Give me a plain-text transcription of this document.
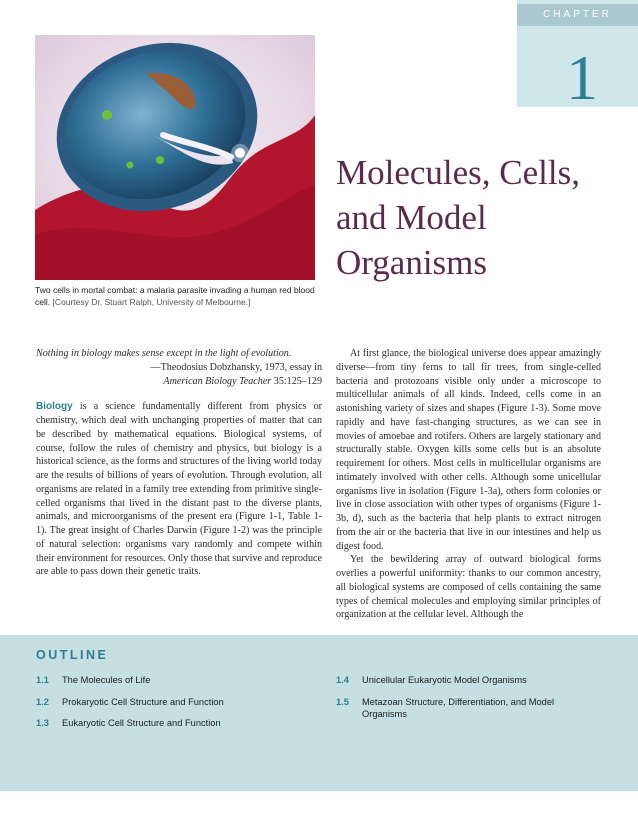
CHAPTER
1
Two cells in mortal combat: a malaria parasite invading a human red blood cell. [Courtesy Dr. Stuart Ralph, University of Melbourne.]
Molecules, Cells,
and Model
Organisms

Nothing in biology makes sense except in the light of evolution.

—Theodosius Dobzhansky, 1973, essay in

American Biology Teacher 35:125–129

Biology is a science fundamentally different from physics or chemistry, which deal with unchanging properties of matter that can be described by mathematical equations. Biological systems, of course, follow the rules of chemistry and physics, but biology is a historical science, as the forms and structures of the living world today are the results of billions of years of evolution. Through evolution, all organisms are related in a family tree extending from primitive single-celled organisms that lived in the distant past to the diverse plants, animals, and microorganisms of the present era (Figure 1-1, Table 1-1). The great insight of Charles Darwin (Figure 1-2) was the principle of natural selection: organisms vary randomly and compete within their environment for resources. Only those that survive and reproduce are able to pass down their genetic traits.

At first glance, the biological universe does appear amazingly diverse—from tiny ferns to tall fir trees, from single-celled bacteria and protozoans visible only under a microscope to multicellular animals of all kinds. Indeed, cells come in an astonishing variety of sizes and shapes (Figure 1-3). Some move rapidly and have fast-changing structures, as we can see in movies of amoebae and rotifers. Others are largely stationary and structurally stable. Oxygen kills some cells but is an absolute requirement for others. Most cells in multicellular organisms are intimately involved with other cells. Although some unicellular organisms live in isolation (Figure 1-3a), others form colonies or live in close association with other types of organisms (Figure 1-3b, d), such as the bacteria that help plants to extract nitrogen from the air or the bacteria that live in our intestines and help us digest food.

Yet the bewildering array of outward biological forms overlies a powerful uniformity: thanks to our common ancestry, all biological systems are composed of cells containing the same types of chemical molecules and employing similar principles of organization at the cellular level. Although the

OUTLINE
1.1	The Molecules of Life
1.2	Prokaryotic Cell Structure and Function
1.3	Eukaryotic Cell Structure and Function
1.4	Unicellular Eukaryotic Model Organisms
1.5	Metazoan Structure, Differentiation, and Model Organisms
